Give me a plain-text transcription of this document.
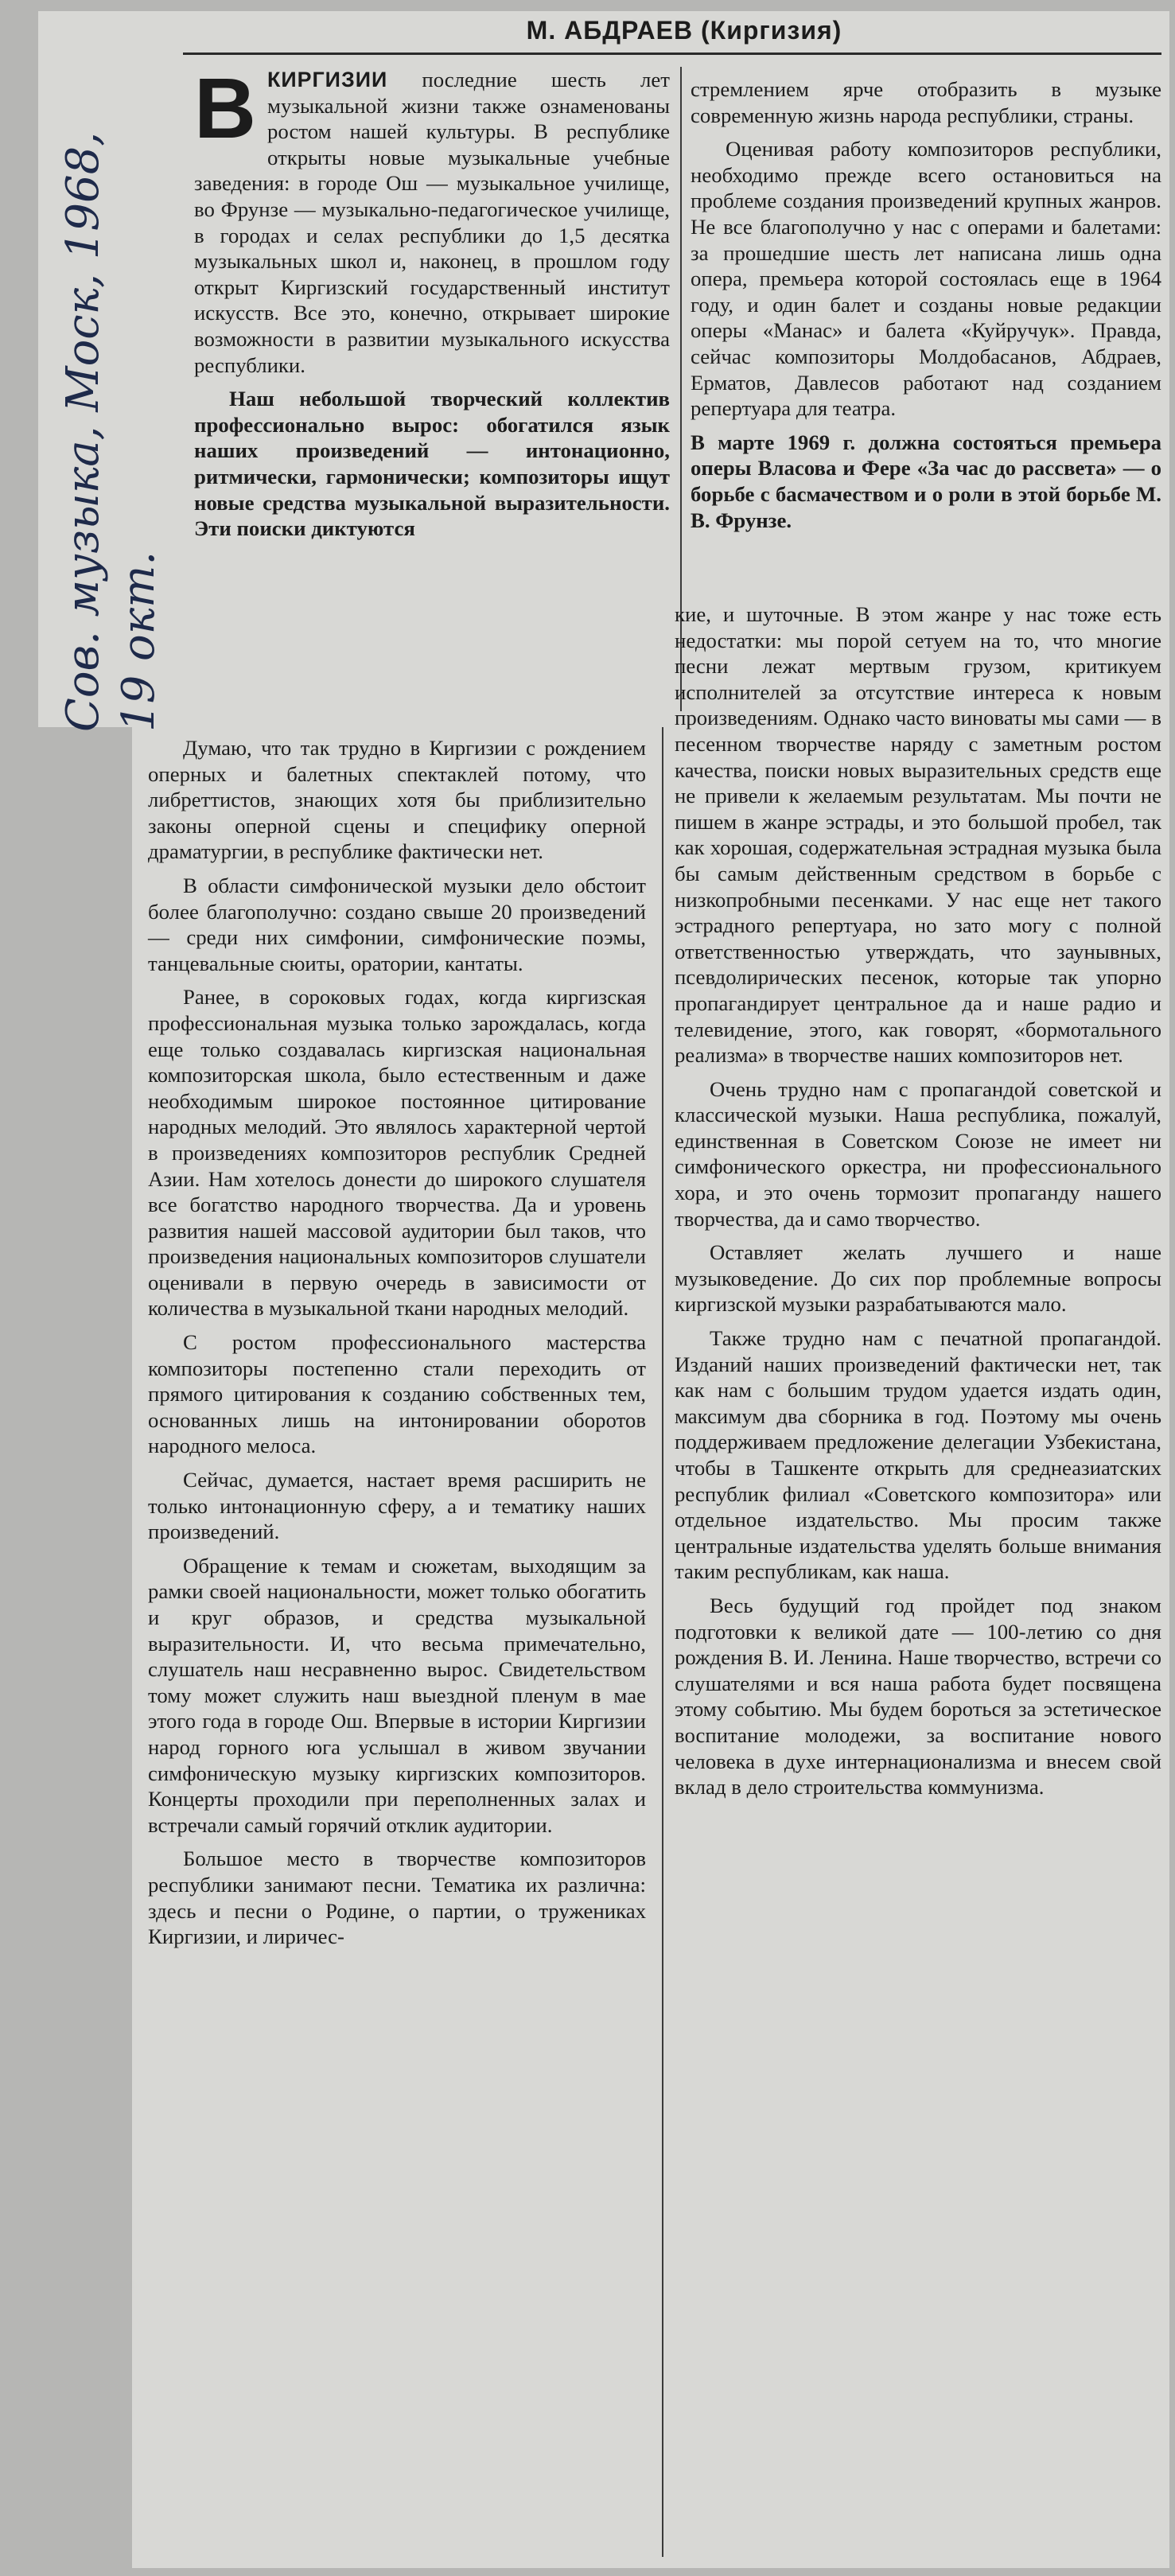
Сов. музыка, Моск, 1968, 19 окт.
М. АБДРАЕВ (Киргизия)

В КИРГИЗИИ последние шесть лет музыкальной жизни также ознаменованы ростом нашей культуры. В республике открыты новые музыкальные учебные заведения: в городе Ош — музыкальное училище, во Фрунзе — музыкально-педагогическое училище, в городах и селах республики до 1,5 десятка музыкальных школ и, наконец, в прошлом году открыт Киргизский государственный институт искусств. Все это, конечно, открывает широкие возможности в развитии музыкального искусства республики.

Наш небольшой творческий коллектив профессионально вырос: обогатился язык наших произведений — интонационно, ритмически, гармонически; композиторы ищут новые средства музыкальной выразительности. Эти поиски диктуются

стремлением ярче отобразить в музыке современную жизнь народа республики, страны.

Оценивая работу композиторов республики, необходимо прежде всего остановиться на проблеме создания произведений крупных жанров. Не все благополучно у нас с операми и балетами: за прошедшие шесть лет написана лишь одна опера, премьера которой состоялась еще в 1964 году, и один балет и созданы новые редакции оперы «Манас» и балета «Куйручук». Правда, сейчас композиторы Молдобасанов, Абдраев, Ерматов, Давлесов работают над созданием репертуара для театра.

В марте 1969 г. должна состояться премьера оперы Власова и Фере «За час до рассвета» — о борьбе с басмачеством и о роли в этой борьбе М. В. Фрунзе.

Думаю, что так трудно в Киргизии с рождением оперных и балетных спектаклей потому, что либреттистов, знающих хотя бы приблизительно законы оперной сцены и специфику оперной драматургии, в республике фактически нет.

В области симфонической музыки дело обстоит более благополучно: создано свыше 20 произведений — среди них симфонии, симфонические поэмы, танцевальные сюиты, оратории, кантаты.

Ранее, в сороковых годах, когда киргизская профессиональная музыка только зарождалась, когда еще только создавалась киргизская национальная композиторская школа, было естественным и даже необходимым широкое постоянное цитирование народных мелодий. Это являлось характерной чертой в произведениях композиторов республик Средней Азии. Нам хотелось донести до широкого слушателя все богатство народного творчества. Да и уровень развития нашей массовой аудитории был таков, что произведения национальных композиторов слушатели оценивали в первую очередь в зависимости от количества в музыкальной ткани народных мелодий.

С ростом профессионального мастерства композиторы постепенно стали переходить от прямого цитирования к созданию собственных тем, основанных лишь на интонировании оборотов народного мелоса.

Сейчас, думается, настает время расширить не только интонационную сферу, а и тематику наших произведений.

Обращение к темам и сюжетам, выходящим за рамки своей национальности, может только обогатить и круг образов, и средства музыкальной выразительности. И, что весьма примечательно, слушатель наш несравненно вырос. Свидетельством тому может служить наш выездной пленум в мае этого года в городе Ош. Впервые в истории Киргизии народ горного юга услышал в живом звучании симфоническую музыку киргизских композиторов. Концерты проходили при переполненных залах и встречали самый горячий отклик аудитории.

Большое место в творчестве композиторов республики занимают песни. Тематика их различна: здесь и песни о Родине, о партии, о тружениках Киргизии, и лиричес-

кие, и шуточные. В этом жанре у нас тоже есть недостатки: мы порой сетуем на то, что многие песни лежат мертвым грузом, критикуем исполнителей за отсутствие интереса к новым произведениям. Однако часто виноваты мы сами — в песенном творчестве наряду с заметным ростом качества, поиски новых выразительных средств еще не привели к желаемым результатам. Мы почти не пишем в жанре эстрады, и это большой пробел, так как хорошая, содержательная эстрадная музыка была бы самым действенным средством в борьбе с низкопробными песенками. У нас еще нет такого эстрадного репертуара, но зато могу с полной ответственностью утверждать, что заунывных, псевдолирических песенок, которые так упорно пропагандирует центральное да и наше радио и телевидение, этого, как говорят, «бормотального реализма» в творчестве наших композиторов нет.

Очень трудно нам с пропагандой советской и классической музыки. Наша республика, пожалуй, единственная в Советском Союзе не имеет ни симфонического оркестра, ни профессионального хора, и это очень тормозит пропаганду нашего творчества, да и само творчество.

Оставляет желать лучшего и наше музыковедение. До сих пор проблемные вопросы киргизской музыки разрабатываются мало.

Также трудно нам с печатной пропагандой. Изданий наших произведений фактически нет, так как нам с большим трудом удается издать один, максимум два сборника в год. Поэтому мы очень поддерживаем предложение делегации Узбекистана, чтобы в Ташкенте открыть для среднеазиатских республик филиал «Советского композитора» или отдельное издательство. Мы просим также центральные издательства уделять больше внимания таким республикам, как наша.

Весь будущий год пройдет под знаком подготовки к великой дате — 100-летию со дня рождения В. И. Ленина. Наше творчество, встречи со слушателями и вся наша работа будет посвящена этому событию. Мы будем бороться за эстетическое воспитание молодежи, за воспитание нового человека в духе интернационализма и внесем свой вклад в дело строительства коммунизма.
